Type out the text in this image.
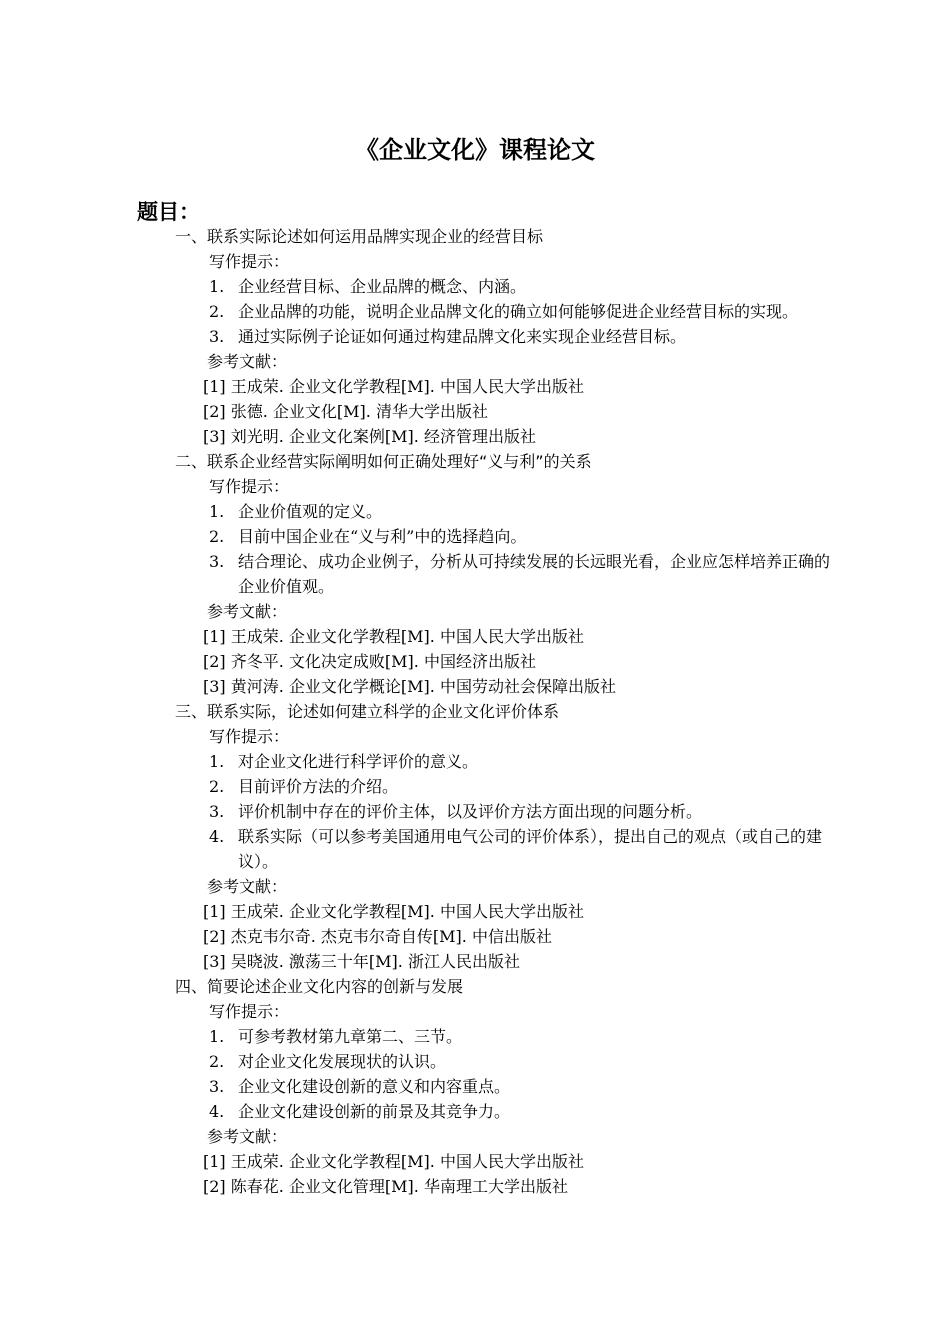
《企业文化》课程论文
题目：
一、联系实际论述如何运用品牌实现企业的经营目标
写作提示：
1. 企业经营目标、企业品牌的概念、内涵。
2. 企业品牌的功能，说明企业品牌文化的确立如何能够促进企业经营目标的实现。
3. 通过实际例子论证如何通过构建品牌文化来实现企业经营目标。
参考文献：
[1] 王成荣. 企业文化学教程[M]. 中国人民大学出版社
[2] 张德. 企业文化[M]. 清华大学出版社
[3] 刘光明. 企业文化案例[M]. 经济管理出版社
二、联系企业经营实际阐明如何正确处理好“义与利”的关系
写作提示：
1. 企业价值观的定义。
2. 目前中国企业在“义与利”中的选择趋向。
3. 结合理论、成功企业例子，分析从可持续发展的长远眼光看，企业应怎样培养正确的企业价值观。
参考文献：
[1] 王成荣. 企业文化学教程[M]. 中国人民大学出版社
[2] 齐冬平. 文化决定成败[M]. 中国经济出版社
[3] 黄河涛. 企业文化学概论[M]. 中国劳动社会保障出版社
三、联系实际，论述如何建立科学的企业文化评价体系
写作提示：
1. 对企业文化进行科学评价的意义。
2. 目前评价方法的介绍。
3. 评价机制中存在的评价主体，以及评价方法方面出现的问题分析。
4. 联系实际（可以参考美国通用电气公司的评价体系），提出自己的观点（或自己的建议）。
参考文献：
[1] 王成荣. 企业文化学教程[M]. 中国人民大学出版社
[2] 杰克韦尔奇. 杰克韦尔奇自传[M]. 中信出版社
[3] 吴晓波. 激荡三十年[M]. 浙江人民出版社
四、简要论述企业文化内容的创新与发展
写作提示：
1. 可参考教材第九章第二、三节。
2. 对企业文化发展现状的认识。
3. 企业文化建设创新的意义和内容重点。
4. 企业文化建设创新的前景及其竞争力。
参考文献：
[1] 王成荣. 企业文化学教程[M]. 中国人民大学出版社
[2] 陈春花. 企业文化管理[M]. 华南理工大学出版社
